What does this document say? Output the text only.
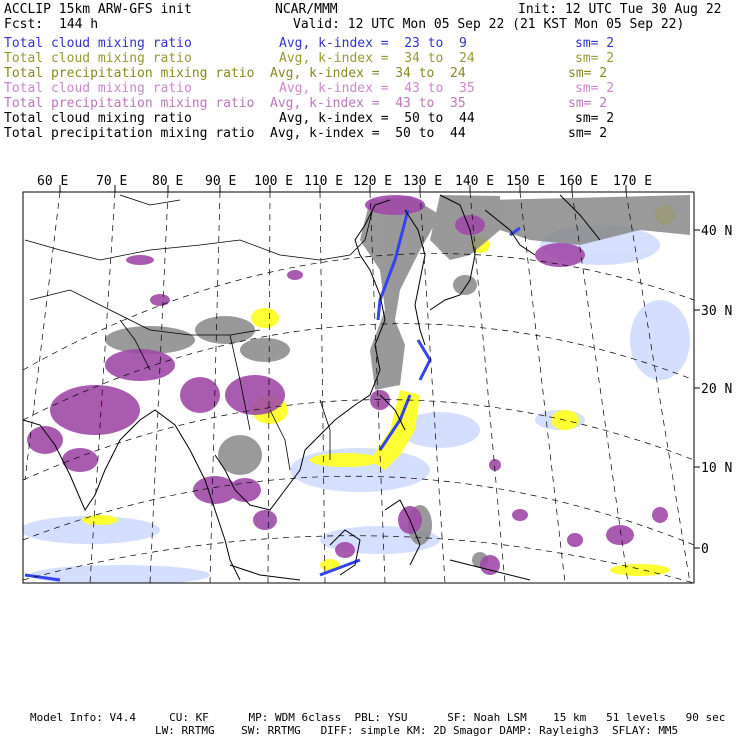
ACCLIP 15km ARW-GFS init	NCAR/MMM	Init: 12 UTC Tue 30 Aug 22
Fcst: 144 h	Valid: 12 UTC Mon 05 Sep 22 (21 KST Mon 05 Sep 22)
Total cloud mixing ratio	Avg, k-index =  23 to  9	sm= 2
Total cloud mixing ratio	Avg, k-index =  34 to  24	sm= 2
Total precipitation mixing ratio Avg, k-index =  34 to  24	sm= 2
Total cloud mixing ratio	Avg, k-index =  43 to  35	sm= 2
Total precipitation mixing ratio Avg, k-index =  43 to  35	sm= 2
Total cloud mixing ratio	Avg, k-index =  50 to  44	sm= 2
Total precipitation mixing ratio Avg, k-index =  50 to  44	sm= 2
60 E 70 E 80 E 90 E 100 E 110 E 120 E 130 E 140 E 150 E 160 E 170 E
40 N
30 N
20 N
10 N
0
Model Info: V4.4     CU: KF      MP: WDM 6class  PBL: YSU      SF: Noah LSM    15 km   51 levels   90 sec
LW: RRTMG    SW: RRTMG   DIFF: simple KM: 2D Smagor DAMP: Rayleigh3  SFLAY: MM5
